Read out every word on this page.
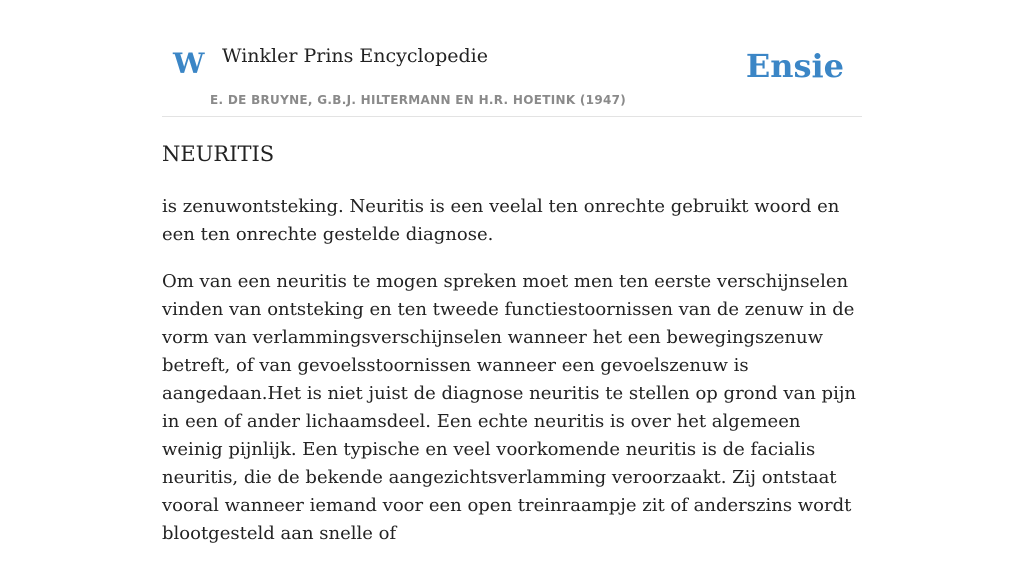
W Winkler Prins Encyclopedie
E. DE BRUYNE, G.B.J. HILTERMANN EN H.R. HOETINK (1947)
Ensie
NEURITIS

is zenuwontsteking. Neuritis is een veelal ten onrechte gebruikt woord en een ten onrechte gestelde diagnose.

Om van een neuritis te mogen spreken moet men ten eerste verschijnselen vinden van ontsteking en ten tweede functiestoornissen van de zenuw in de vorm van verlammingsverschijnselen wanneer het een bewegingszenuw betreft, of van gevoelsstoornissen wanneer een gevoelszenuw is aangedaan.Het is niet juist de diagnose neuritis te stellen op grond van pijn in een of ander lichaamsdeel. Een echte neuritis is over het algemeen weinig pijnlijk. Een typische en veel voorkomende neuritis is de facialis neuritis, die de bekende aangezichtsverlamming veroorzaakt. Zij ontstaat vooral wanneer iemand voor een open treinraampje zit of anderszins wordt blootgesteld aan snelle of
